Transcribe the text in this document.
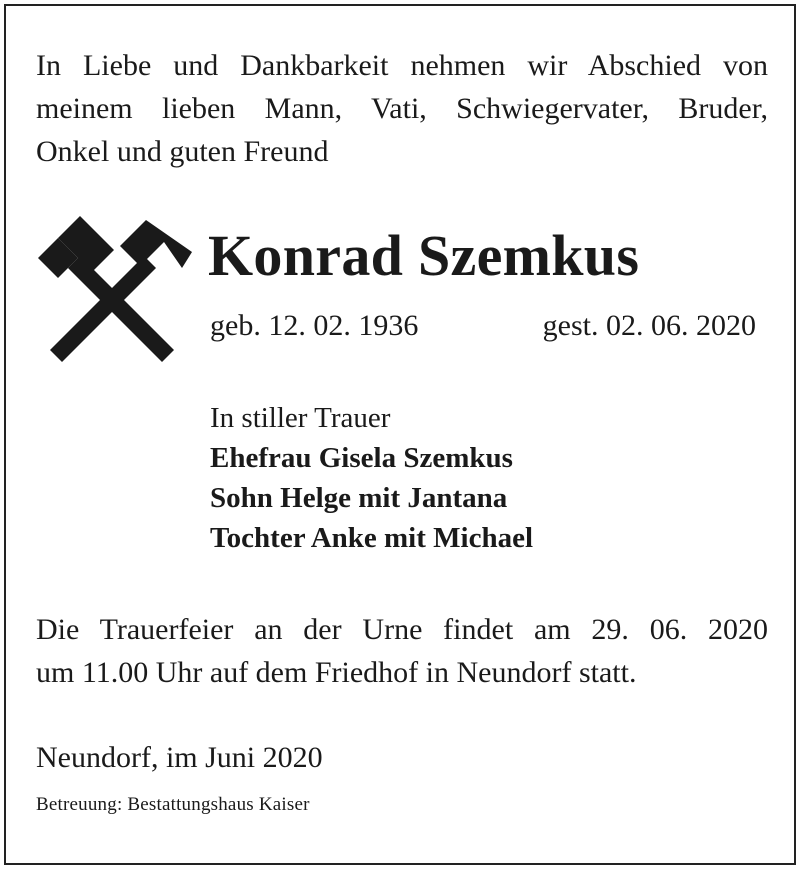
In Liebe und Dankbarkeit nehmen wir Abschied von
meinem lieben Mann, Vati, Schwiegervater, Bruder,
Onkel und guten Freund
Konrad Szemkus
geb. 12. 02. 1936	gest. 02. 06. 2020
In stiller Trauer
Ehefrau Gisela Szemkus
Sohn Helge mit Jantana
Tochter Anke mit Michael
Die Trauerfeier an der Urne findet am 29. 06. 2020
um 11.00 Uhr auf dem Friedhof in Neundorf statt.
Neundorf, im Juni 2020
Betreuung: Bestattungshaus Kaiser
